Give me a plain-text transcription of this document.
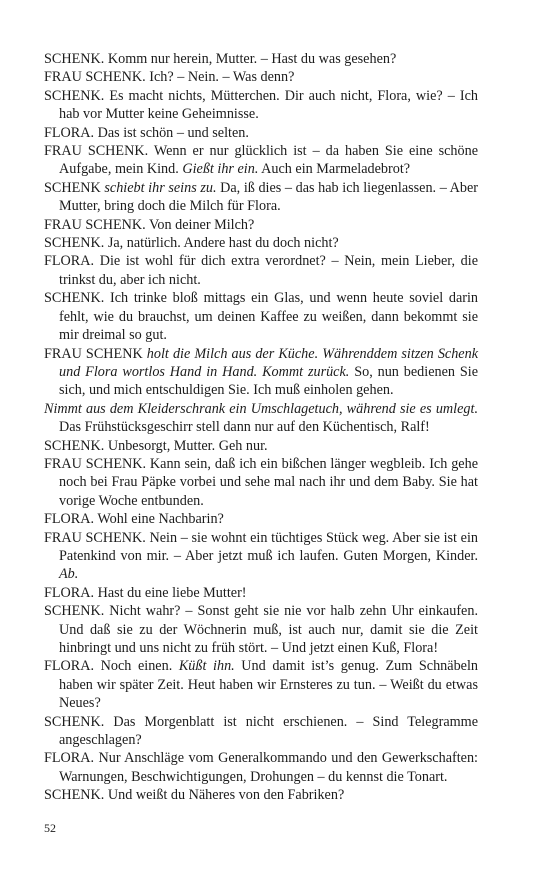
SCHENK. Komm nur herein, Mutter. – Hast du was gesehen?

FRAU SCHENK. Ich? – Nein. – Was denn?

SCHENK. Es macht nichts, Mütterchen. Dir auch nicht, Flora, wie? – Ich hab vor Mutter keine Geheimnisse.

FLORA. Das ist schön – und selten.

FRAU SCHENK. Wenn er nur glücklich ist – da haben Sie eine schöne Aufgabe, mein Kind. Gießt ihr ein. Auch ein Marmeladebrot?

SCHENK schiebt ihr seins zu. Da, iß dies – das hab ich liegenlassen. – Aber Mutter, bring doch die Milch für Flora.

FRAU SCHENK. Von deiner Milch?

SCHENK. Ja, natürlich. Andere hast du doch nicht?

FLORA. Die ist wohl für dich extra verordnet? – Nein, mein Lieber, die trinkst du, aber ich nicht.

SCHENK. Ich trinke bloß mittags ein Glas, und wenn heute soviel darin fehlt, wie du brauchst, um deinen Kaffee zu weißen, dann bekommt sie mir dreimal so gut.

FRAU SCHENK holt die Milch aus der Küche. Währenddem sitzen Schenk und Flora wortlos Hand in Hand. Kommt zurück. So, nun bedienen Sie sich, und mich entschuldigen Sie. Ich muß einholen gehen.

Nimmt aus dem Kleiderschrank ein Umschlagetuch, während sie es umlegt. Das Frühstücksgeschirr stell dann nur auf den Küchentisch, Ralf!

SCHENK. Unbesorgt, Mutter. Geh nur.

FRAU SCHENK. Kann sein, daß ich ein bißchen länger wegbleib. Ich gehe noch bei Frau Päpke vorbei und sehe mal nach ihr und dem Baby. Sie hat vorige Woche entbunden.

FLORA. Wohl eine Nachbarin?

FRAU SCHENK. Nein – sie wohnt ein tüchtiges Stück weg. Aber sie ist ein Patenkind von mir. – Aber jetzt muß ich laufen. Guten Morgen, Kinder. Ab.

FLORA. Hast du eine liebe Mutter!

SCHENK. Nicht wahr? – Sonst geht sie nie vor halb zehn Uhr einkaufen. Und daß sie zu der Wöchnerin muß, ist auch nur, damit sie die Zeit hinbringt und uns nicht zu früh stört. – Und jetzt einen Kuß, Flora!

FLORA. Noch einen. Küßt ihn. Und damit ist’s genug. Zum Schnäbeln haben wir später Zeit. Heut haben wir Ernsteres zu tun. – Weißt du etwas Neues?

SCHENK. Das Morgenblatt ist nicht erschienen. – Sind Telegramme angeschlagen?

FLORA. Nur Anschläge vom Generalkommando und den Gewerkschaften: Warnungen, Beschwichtigungen, Drohungen – du kennst die Tonart.

SCHENK. Und weißt du Näheres von den Fabriken?

52
